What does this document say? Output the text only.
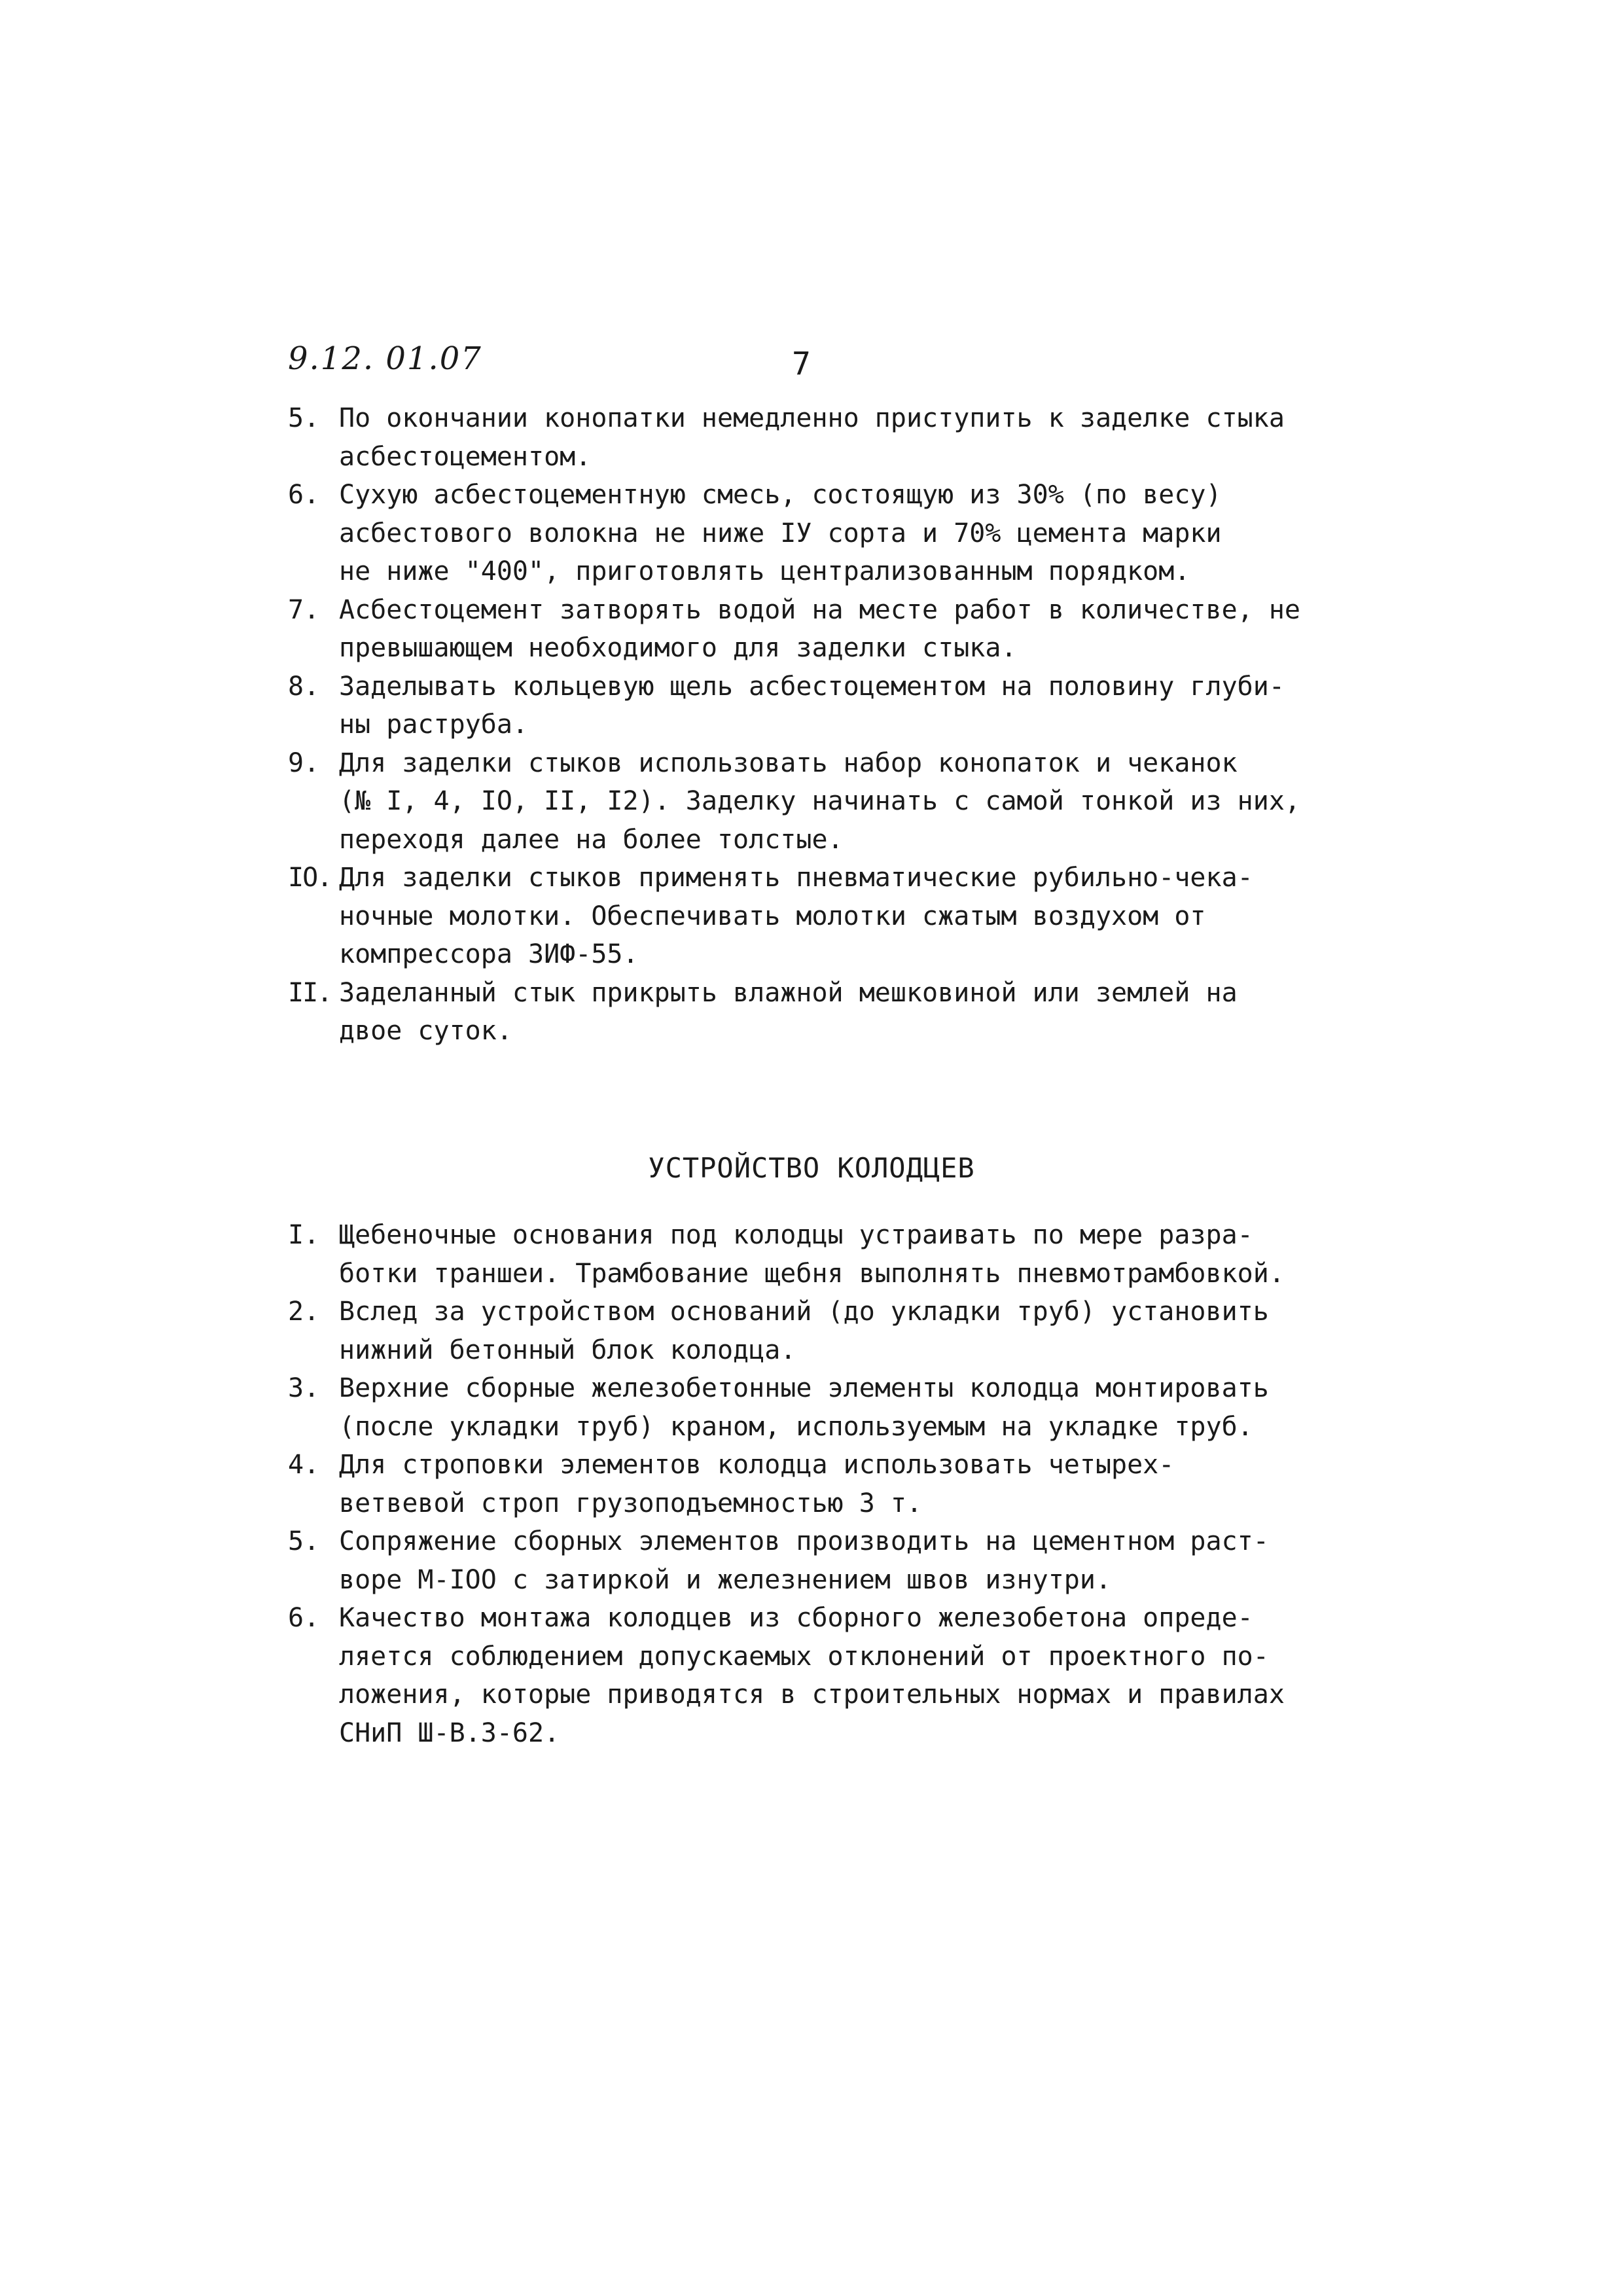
9.12. 01.07	7
5. По окончании конопатки немедленно приступить к заделке стыка
асбестоцементом.
6. Сухую асбестоцементную смесь, состоящую из 30% (по весу)
асбестового волокна не ниже IУ сорта и 70% цемента марки
не ниже "400", приготовлять централизованным порядком.
7. Асбестоцемент затворять водой на месте работ в количестве, не
превышающем необходимого для заделки стыка.
8. Заделывать кольцевую щель асбестоцементом на половину глуби-
ны раструба.
9. Для заделки стыков использовать набор конопаток и чеканок
(№ I, 4, IO, II, I2). Заделку начинать с самой тонкой из них,
переходя далее на более толстые.
IO. Для заделки стыков применять пневматические рубильно-чека-
ночные молотки. Обеспечивать молотки сжатым воздухом от
компрессора ЗИФ-55.
II. Заделанный стык прикрыть влажной мешковиной или землей на
двое суток.
УСТРОЙСТВО КОЛОДЦЕВ
I. Щебеночные основания под колодцы устраивать по мере разра-
ботки траншеи. Трамбование щебня выполнять пневмотрамбовкой.
2. Вслед за устройством оснований (до укладки труб) установить
нижний бетонный блок колодца.
3. Верхние сборные железобетонные элементы колодца монтировать
(после укладки труб) краном, используемым на укладке труб.
4. Для строповки элементов колодца использовать четырех-
ветвевой строп грузоподъемностью 3 т.
5. Сопряжение сборных элементов производить на цементном раст-
воре М-IOO с затиркой и железнением швов изнутри.
6. Качество монтажа колодцев из сборного железобетона опреде-
ляется соблюдением допускаемых отклонений от проектного по-
ложения, которые приводятся в строительных нормах и правилах
СНиП Ш-В.3-62.
